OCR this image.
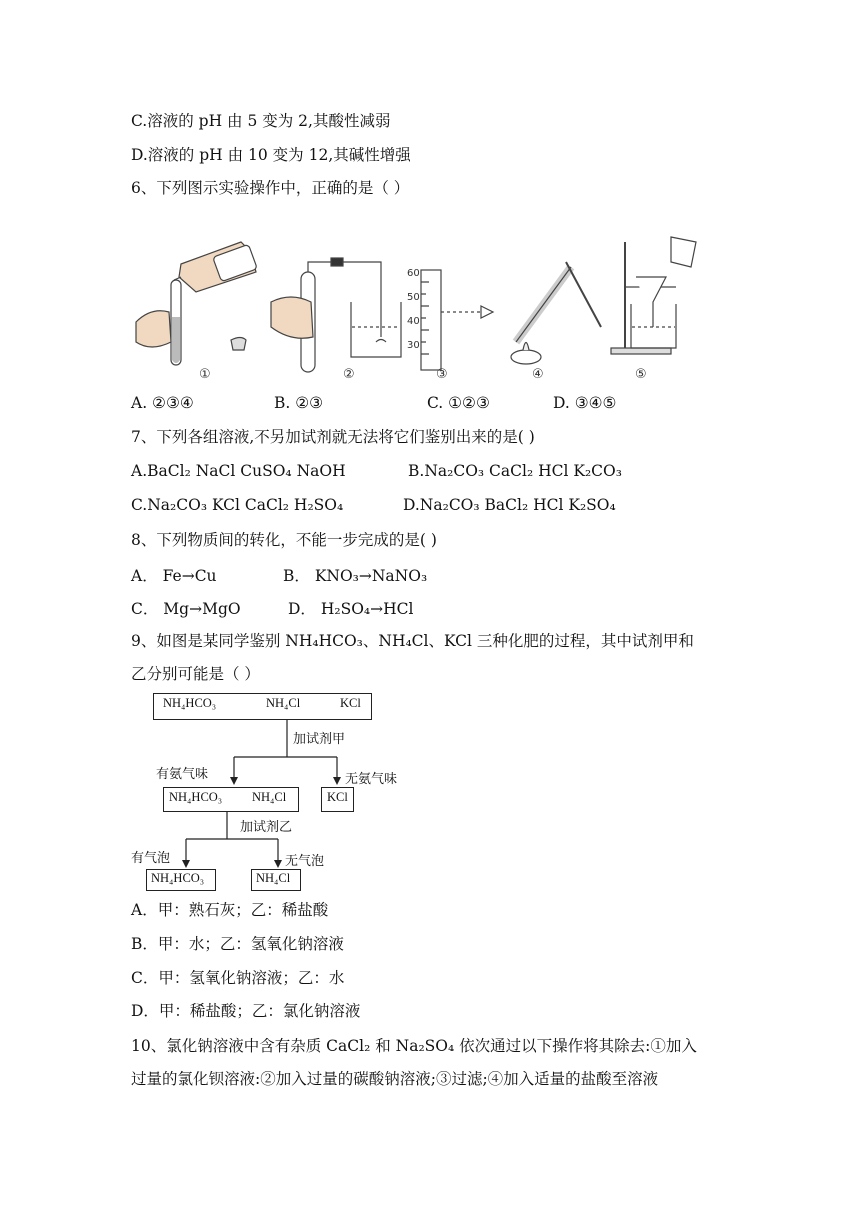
C.溶液的 pH 由 5 变为 2,其酸性减弱
D.溶液的 pH 由 10 变为 12,其碱性增强
6、下列图示实验操作中，正确的是（ ）
60
50
40
30
①	②	③	④	⑤
A. ②③④	B. ②③	C. ①②③	D. ③④⑤
7、下列各组溶液,不另加试剂就无法将它们鉴别出来的是( )
A.BaCl₂ NaCl CuSO₄ NaOH	B.Na₂CO₃ CaCl₂ HCl K₂CO₃
C.Na₂CO₃ KCl CaCl₂ H₂SO₄	D.Na₂CO₃ BaCl₂ HCl K₂SO₄
8、下列物质间的转化，不能一步完成的是( )
A． Fe→Cu	B． KNO₃→NaNO₃
C． Mg→MgO	D． H₂SO₄→HCl
9、如图是某同学鉴别 NH₄HCO₃、NH₄Cl、KCl 三种化肥的过程，其中试剂甲和
乙分别可能是（ ）
NH₄HCO₃	NH₄Cl	KCl
加试剂甲
有氨气味	无氨气味
NH₄HCO₃ NH₄Cl	KCl
加试剂乙
有气泡	无气泡
NH₄HCO₃	NH₄Cl
A．甲：熟石灰；乙：稀盐酸
B．甲：水；乙：氢氧化钠溶液
C．甲：氢氧化钠溶液；乙：水
D．甲：稀盐酸；乙：氯化钠溶液
10、氯化钠溶液中含有杂质 CaCl₂ 和 Na₂SO₄ 依次通过以下操作将其除去:①加入
过量的氯化钡溶液:②加入过量的碳酸钠溶液;③过滤;④加入适量的盐酸至溶液
